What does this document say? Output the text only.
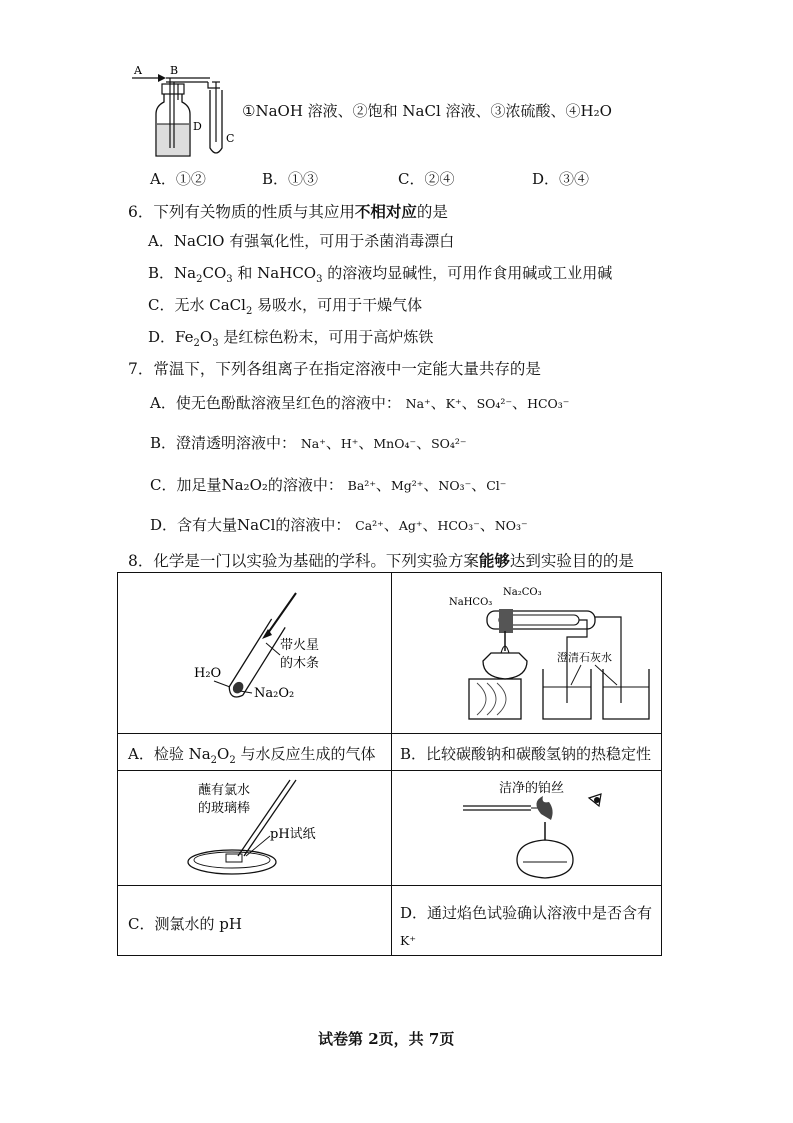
A	B
D
C
①NaOH 溶液、②饱和 NaCl 溶液、③浓硫酸、④H₂O
A．①②	B．①③	C．②④	D．③④
6．下列有关物质的性质与其应用不相对应的是
A．NaClO 有强氧化性，可用于杀菌消毒漂白
B．$Na_2CO_3$ 和 NaHCO$_3$ 的溶液均显碱性，可用作食用碱或工业用碱
C．无水 CaCl$_2$ 易吸水，可用于干燥气体
D．$Fe_2O_3$ 是红棕色粉末，可用于高炉炼铁
7．常温下，下列各组离子在指定溶液中一定能大量共存的是
A．使无色酚酞溶液呈红色的溶液中： Na⁺、K⁺、SO₄²⁻、HCO₃⁻
B．澄清透明溶液中： Na⁺、H⁺、MnO₄⁻、SO₄²⁻
C．加足量Na₂O₂的溶液中： Ba²⁺、Mg²⁺、NO₃⁻、Cl⁻
D．含有大量NaCl的溶液中： Ca²⁺、Ag⁺、HCO₃⁻、NO₃⁻
8．化学是一门以实验为基础的学科。下列实验方案能够达到实验目的的是
带火星
的木条
H₂O
Na₂O₂
NaHCO₃
Na₂CO₃
澄清石灰水
A．检验 $Na_2O_2$ 与水反应生成的气体 B．比较碳酸钠和碳酸氢钠的热稳定性
蘸有氯水
的玻璃棒
pH试纸
洁净的铂丝
C．测氯水的 pH
D．通过焰色试验确认溶液中是否含有
K⁺
试卷第 2页，共 7页
